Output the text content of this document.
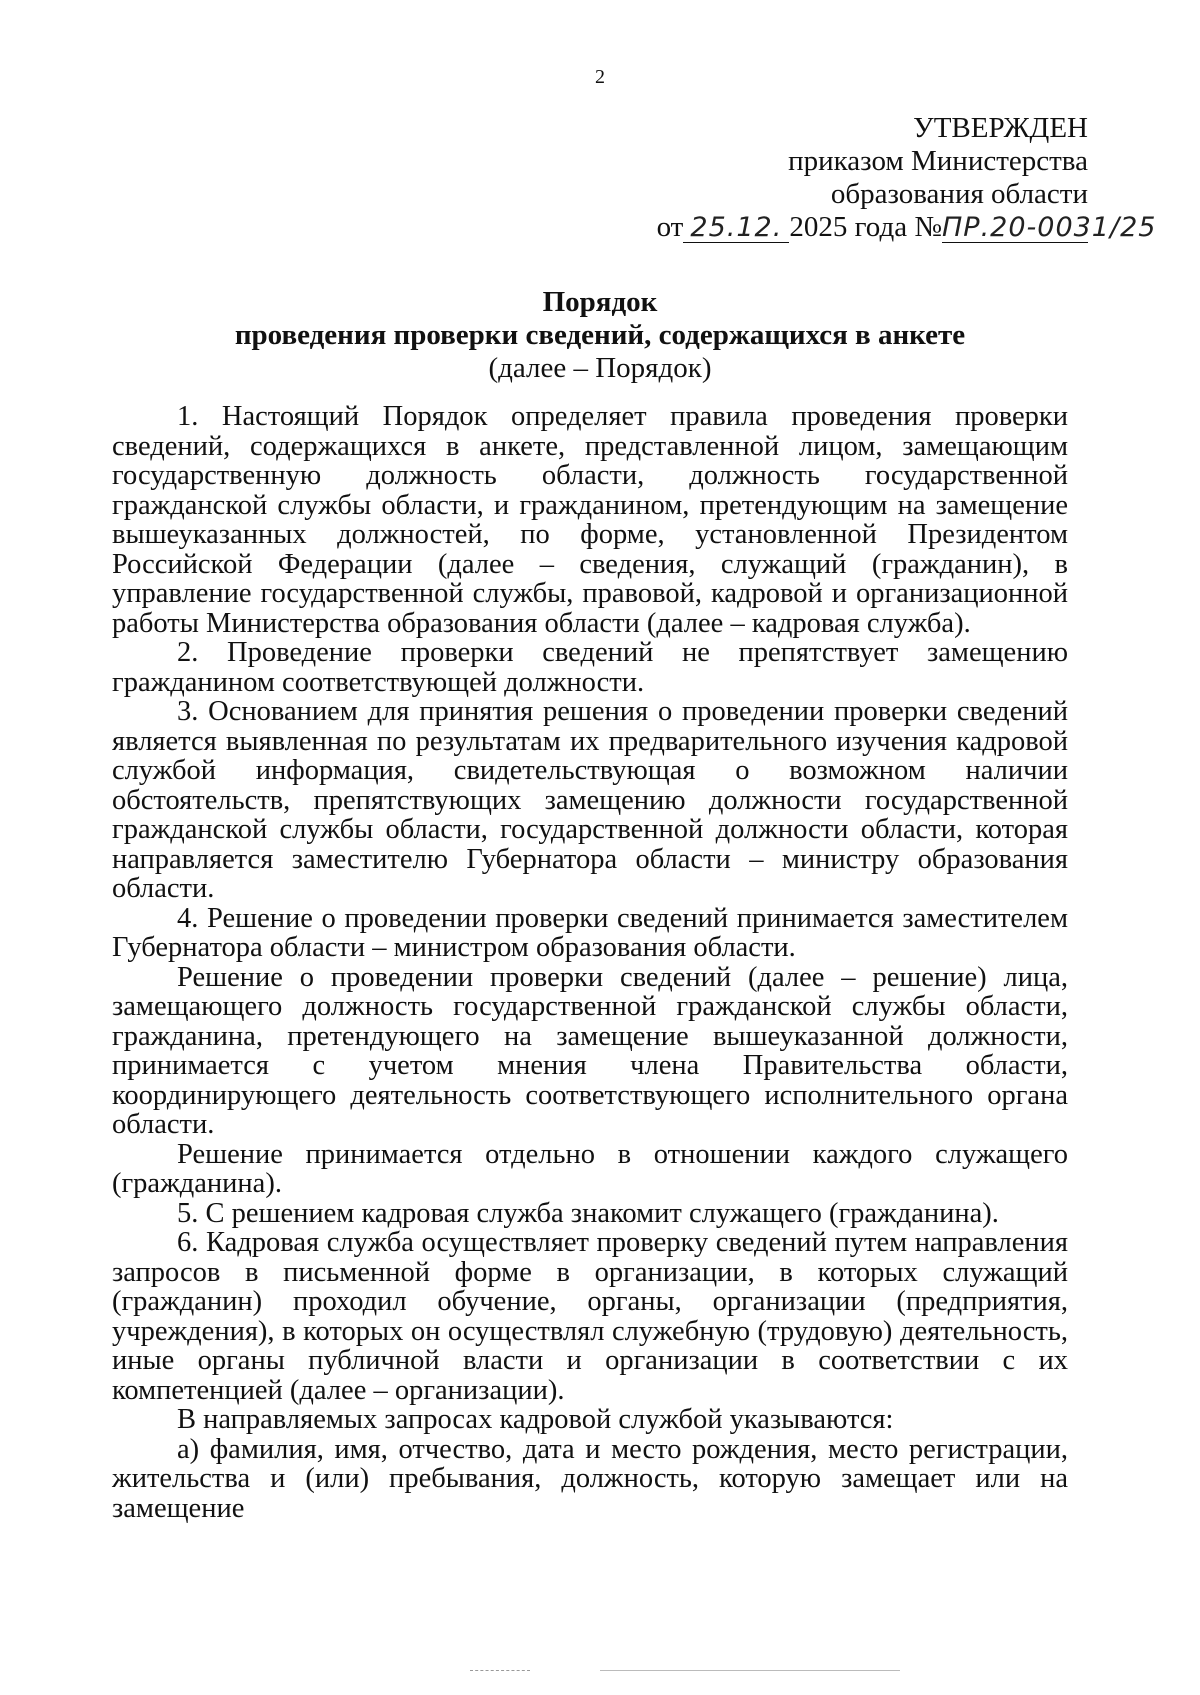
2
УТВЕРЖДЕН
приказом Министерства
образования области
от 25.12. 2025 года №ПР.20-0031/25
Порядок
проведения проверки сведений, содержащихся в анкете
(далее – Порядок)

1. Настоящий Порядок определяет правила проведения проверки сведений, содержащихся в анкете, представленной лицом, замещающим государственную должность области, должность государственной гражданской службы области, и гражданином, претендующим на замещение вышеуказанных должностей, по форме, установленной Президентом Российской Федерации (далее – сведения, служащий (гражданин), в управление государственной службы, правовой, кадровой и организационной работы Министерства образования области (далее – кадровая служба).

2. Проведение проверки сведений не препятствует замещению гражданином соответствующей должности.

3. Основанием для принятия решения о проведении проверки сведений является выявленная по результатам их предварительного изучения кадровой службой информация, свидетельствующая о возможном наличии обстоятельств, препятствующих замещению должности государственной гражданской службы области, государственной должности области, которая направляется заместителю Губернатора области – министру образования области.

4. Решение о проведении проверки сведений принимается заместителем Губернатора области – министром образования области.

Решение о проведении проверки сведений (далее – решение) лица, замещающего должность государственной гражданской службы области, гражданина, претендующего на замещение вышеуказанной должности, принимается с учетом мнения члена Правительства области, координирующего деятельность соответствующего исполнительного органа области.

Решение принимается отдельно в отношении каждого служащего (гражданина).

5. С решением кадровая служба знакомит служащего (гражданина).

6. Кадровая служба осуществляет проверку сведений путем направления запросов в письменной форме в организации, в которых служащий (гражданин) проходил обучение, органы, организации (предприятия, учреждения), в которых он осуществлял служебную (трудовую) деятельность, иные органы публичной власти и организации в соответствии с их компетенцией (далее – организации).

В направляемых запросах кадровой службой указываются:

а) фамилия, имя, отчество, дата и место рождения, место регистрации, жительства и (или) пребывания, должность, которую замещает или на замещение
